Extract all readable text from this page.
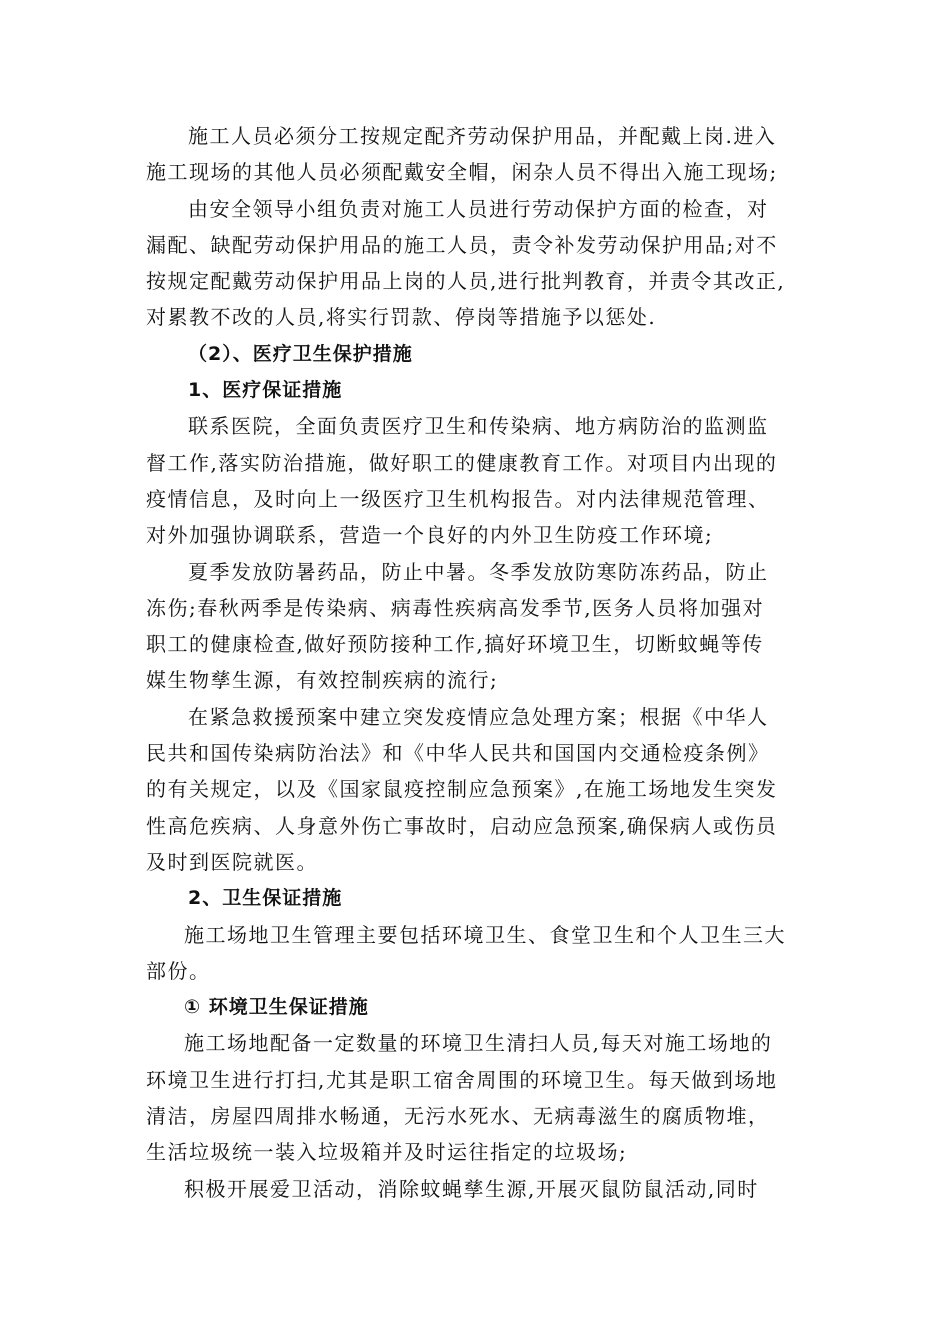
施工人员必须分工按规定配齐劳动保护用品，并配戴上岗.进入
施工现场的其他人员必须配戴安全帽，闲杂人员不得出入施工现场;
由安全领导小组负责对施工人员进行劳动保护方面的检查，对
漏配、缺配劳动保护用品的施工人员，责令补发劳动保护用品;对不
按规定配戴劳动保护用品上岗的人员,进行批判教育，并责令其改正,
对累教不改的人员,将实行罚款、停岗等措施予以惩处.
（2）、医疗卫生保护措施
1、医疗保证措施
联系医院，全面负责医疗卫生和传染病、地方病防治的监测监
督工作,落实防治措施，做好职工的健康教育工作。对项目内出现的
疫情信息，及时向上一级医疗卫生机构报告。对内法律规范管理、
对外加强协调联系，营造一个良好的内外卫生防疫工作环境;
夏季发放防暑药品，防止中暑。冬季发放防寒防冻药品，防止
冻伤;春秋两季是传染病、病毒性疾病高发季节,医务人员将加强对
职工的健康检查,做好预防接种工作,搞好环境卫生，切断蚊蝇等传
媒生物孳生源，有效控制疾病的流行;
在紧急救援预案中建立突发疫情应急处理方案；根据《中华人
民共和国传染病防治法》和《中华人民共和国国内交通检疫条例》
的有关规定，以及《国家鼠疫控制应急预案》,在施工场地发生突发
性高危疾病、人身意外伤亡事故时，启动应急预案,确保病人或伤员
及时到医院就医。
2、卫生保证措施
施工场地卫生管理主要包括环境卫生、食堂卫生和个人卫生三大
部份。
① 环境卫生保证措施
施工场地配备一定数量的环境卫生清扫人员,每天对施工场地的
环境卫生进行打扫,尤其是职工宿舍周围的环境卫生。每天做到场地
清洁，房屋四周排水畅通，无污水死水、无病毒滋生的腐质物堆，
生活垃圾统一装入垃圾箱并及时运往指定的垃圾场;
积极开展爱卫活动，消除蚊蝇孳生源,开展灭鼠防鼠活动,同时
